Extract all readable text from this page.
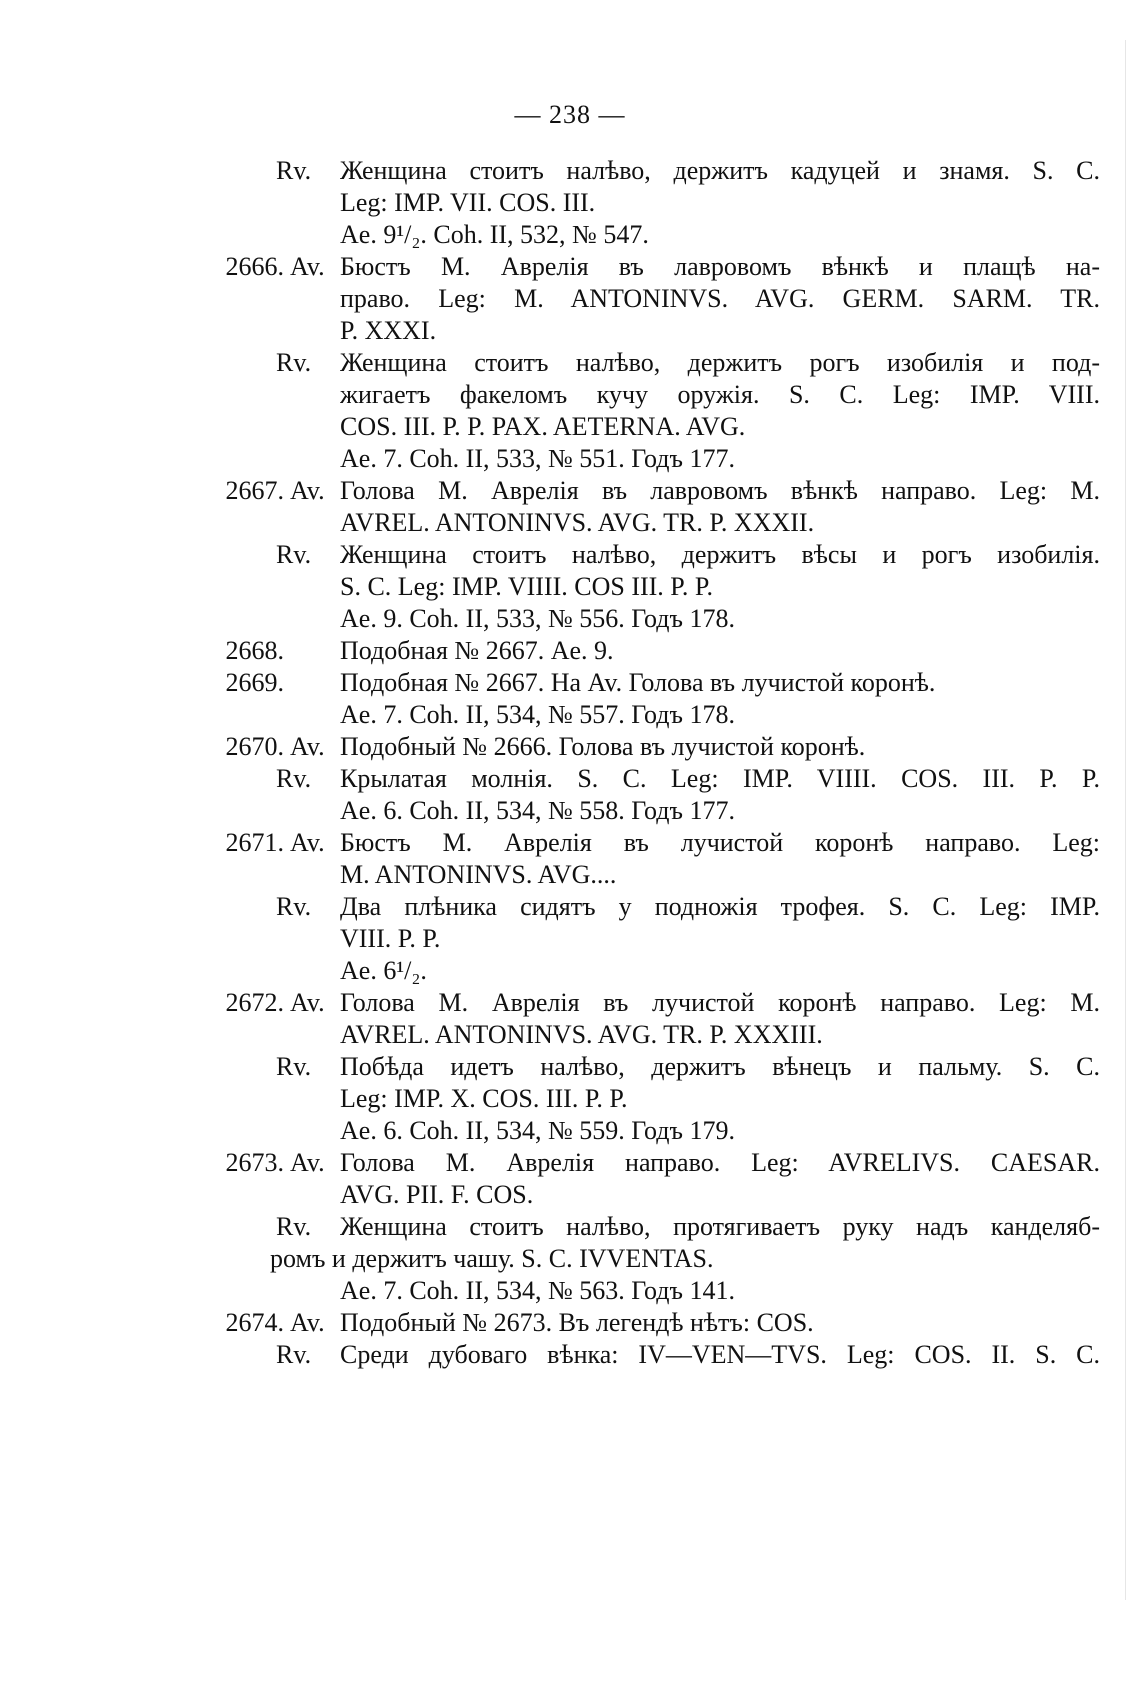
— 238 —
Rv.	Женщина стоитъ налѣво, держитъ кадуцей и знамя. S. C.
Leg: IMP. VII. COS. III.
Ae. 9¹/₂. Coh. II, 532, № 547.
2666. Av. Бюстъ М. Аврелія въ лавровомъ вѣнкѣ и плащѣ на-
право. Leg: M. ANTONINVS. AVG. GERM. SARM. TR.
P. XXXI.
Rv.	Женщина стоитъ налѣво, держитъ рогъ изобилія и под-
жигаетъ факеломъ кучу оружія. S. C. Leg: IMP. VIII.
COS. III. P. P. PAX. AETERNA. AVG.
Ae. 7. Coh. II, 533, № 551. Годъ 177.
2667. Av. Голова М. Аврелія въ лавровомъ вѣнкѣ направо. Leg: M.
AVREL. ANTONINVS. AVG. TR. P. XXXII.
Rv.	Женщина стоитъ налѣво, держитъ вѣсы и рогъ изобилія.
S. C. Leg: IMP. VIIII. COS III. P. P.
Ae. 9. Coh. II, 533, № 556. Годъ 178.
2668. Подобная № 2667. Ae. 9.
2669. Подобная № 2667. На Av. Голова въ лучистой коронѣ.
Ae. 7. Coh. II, 534, № 557. Годъ 178.
2670. Av. Подобный № 2666. Голова въ лучистой коронѣ.
Rv.	Крылатая молнія. S. C. Leg: IMP. VIIII. COS. III. P. P.
Ae. 6. Coh. II, 534, № 558. Годъ 177.
2671. Av. Бюстъ М. Аврелія въ лучистой коронѣ направо. Leg:
M. ANTONINVS. AVG....
Rv.	Два плѣника сидятъ у подножія трофея. S. C. Leg: IMP.
VIII. P. P.
Ae. 6¹/₂.
2672. Av. Голова М. Аврелія въ лучистой коронѣ направо. Leg: M.
AVREL. ANTONINVS. AVG. TR. P. XXXIII.
Rv.	Побѣда идетъ налѣво, держитъ вѣнецъ и пальму. S. C.
Leg: IMP. X. COS. III. P. P.
Ae. 6. Coh. II, 534, № 559. Годъ 179.
2673. Av. Голова М. Аврелія направо. Leg: AVRELIVS. CAESAR.
AVG. PII. F. COS.
Rv.	Женщина стоитъ налѣво, протягиваетъ руку надъ канделяб-
ромъ и держитъ чашу. S. C. IVVENTAS.
Ae. 7. Coh. II, 534, № 563. Годъ 141.
2674. Av. Подобный № 2673. Въ легендѣ нѣтъ: COS.
Rv.	Среди дубоваго вѣнка: IV—VEN—TVS. Leg: COS. II. S. C.
